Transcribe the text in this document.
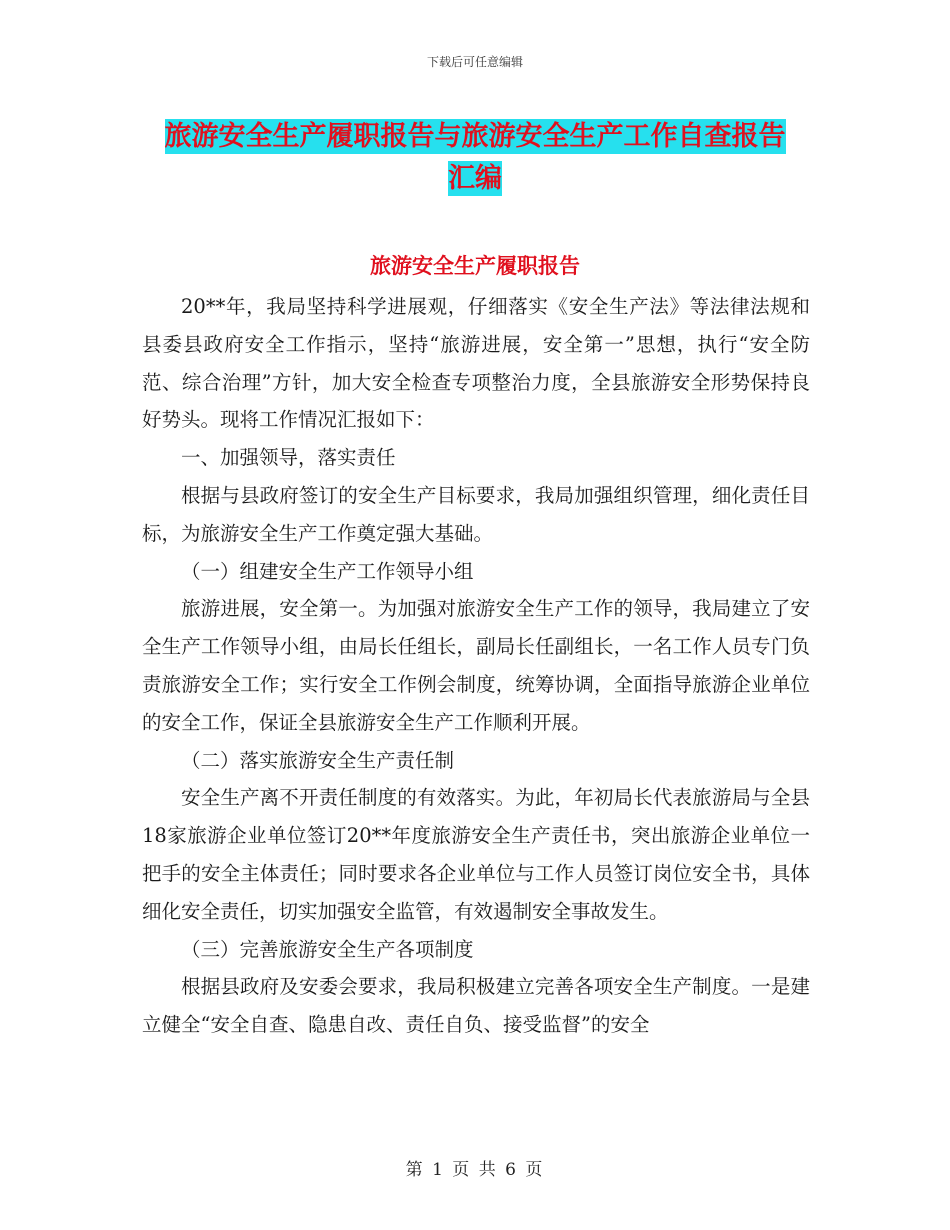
下载后可任意编辑
旅游安全生产履职报告与旅游安全生产工作自查报告
汇编
旅游安全生产履职报告

20**年，我局坚持科学进展观，仔细落实《安全生产法》等法律法规和县委县政府安全工作指示，坚持“旅游进展，安全第一”思想，执行“安全防范、综合治理”方针，加大安全检查专项整治力度，全县旅游安全形势保持良好势头。现将工作情况汇报如下：

一、加强领导，落实责任

根据与县政府签订的安全生产目标要求，我局加强组织管理，细化责任目标，为旅游安全生产工作奠定强大基础。

（一）组建安全生产工作领导小组

旅游进展，安全第一。为加强对旅游安全生产工作的领导，我局建立了安全生产工作领导小组，由局长任组长，副局长任副组长，一名工作人员专门负责旅游安全工作；实行安全工作例会制度，统筹协调，全面指导旅游企业单位的安全工作，保证全县旅游安全生产工作顺利开展。

（二）落实旅游安全生产责任制

安全生产离不开责任制度的有效落实。为此，年初局长代表旅游局与全县18家旅游企业单位签订20**年度旅游安全生产责任书，突出旅游企业单位一把手的安全主体责任；同时要求各企业单位与工作人员签订岗位安全书，具体细化安全责任，切实加强安全监管，有效遏制安全事故发生。

（三）完善旅游安全生产各项制度

根据县政府及安委会要求，我局积极建立完善各项安全生产制度。一是建立健全“安全自查、隐患自改、责任自负、接受监督”的安全

第 1 页 共 6 页
